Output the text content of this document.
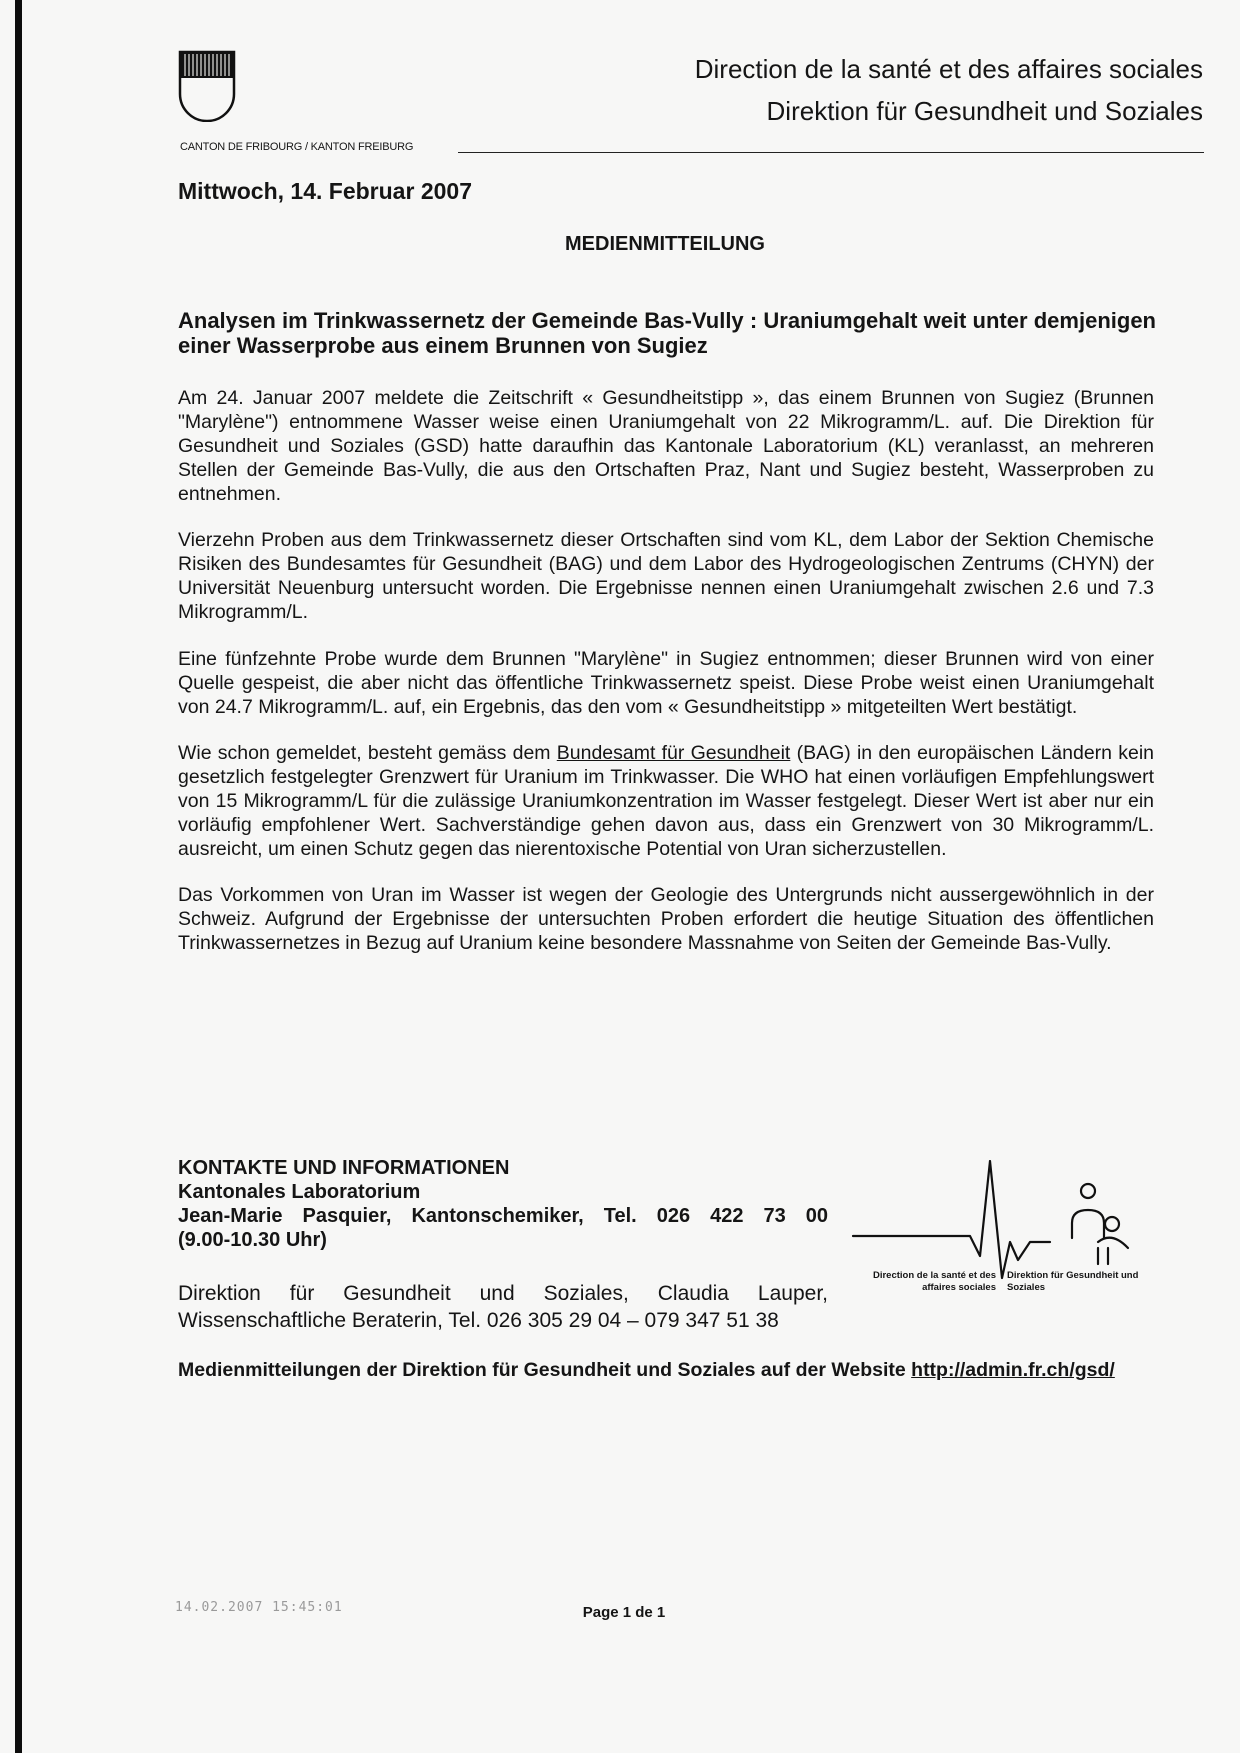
Direction de la santé et des affaires sociales
Direktion für Gesundheit und Soziales
CANTON DE FRIBOURG / KANTON FREIBURG
Mittwoch, 14. Februar 2007
MEDIENMITTEILUNG
Analysen im Trinkwassernetz der Gemeinde Bas-Vully : Uraniumgehalt weit unter demjenigen einer Wasserprobe aus einem Brunnen von Sugiez

Am 24. Januar 2007 meldete die Zeitschrift « Gesundheitstipp », das einem Brunnen von Sugiez (Brunnen "Marylène") entnommene Wasser weise einen Uraniumgehalt von 22 Mikrogramm/L. auf. Die Direktion für Gesundheit und Soziales (GSD) hatte daraufhin das Kantonale Laboratorium (KL) veranlasst, an mehreren Stellen der Gemeinde Bas-Vully, die aus den Ortschaften Praz, Nant und Sugiez besteht, Wasserproben zu entnehmen.

Vierzehn Proben aus dem Trinkwassernetz dieser Ortschaften sind vom KL, dem Labor der Sektion Chemische Risiken des Bundesamtes für Gesundheit (BAG) und dem Labor des Hydrogeologischen Zentrums (CHYN) der Universität Neuenburg untersucht worden. Die Ergebnisse nennen einen Uraniumgehalt zwischen 2.6 und 7.3 Mikrogramm/L.

Eine fünfzehnte Probe wurde dem Brunnen "Marylène" in Sugiez entnommen; dieser Brunnen wird von einer Quelle gespeist, die aber nicht das öffentliche Trinkwassernetz speist. Diese Probe weist einen Uraniumgehalt von 24.7 Mikrogramm/L. auf, ein Ergebnis, das den vom « Gesundheitstipp » mitgeteilten Wert bestätigt.

Wie schon gemeldet, besteht gemäss dem Bundesamt für Gesundheit (BAG) in den europäischen Ländern kein gesetzlich festgelegter Grenzwert für Uranium im Trinkwasser. Die WHO hat einen vorläufigen Empfehlungswert von 15 Mikrogramm/L für die zulässige Uraniumkonzentration im Wasser festgelegt. Dieser Wert ist aber nur ein vorläufig empfohlener Wert. Sachverständige gehen davon aus, dass ein Grenzwert von 30 Mikrogramm/L. ausreicht, um einen Schutz gegen das nierentoxische Potential von Uran sicherzustellen.

Das Vorkommen von Uran im Wasser ist wegen der Geologie des Untergrunds nicht aussergewöhnlich in der Schweiz. Aufgrund der Ergebnisse der untersuchten Proben erfordert die heutige Situation des öffentlichen Trinkwassernetzes in Bezug auf Uranium keine besondere Massnahme von Seiten der Gemeinde Bas-Vully.

KONTAKTE UND INFORMATIONEN
Kantonales Laboratorium
Jean-Marie Pasquier, Kantonschemiker, Tel. 026 422 73 00
(9.00-10.30 Uhr)
Direktion für Gesundheit und Soziales, Claudia Lauper,
Wissenschaftliche Beraterin, Tel. 026 305 29 04 – 079 347 51 38
Direction de la santé et des affaires sociales
Direktion für Gesundheit und Soziales
Medienmitteilungen der Direktion für Gesundheit und Soziales auf der Website http://admin.fr.ch/gsd/
14.02.2007 15:45:01	Page 1 de 1
